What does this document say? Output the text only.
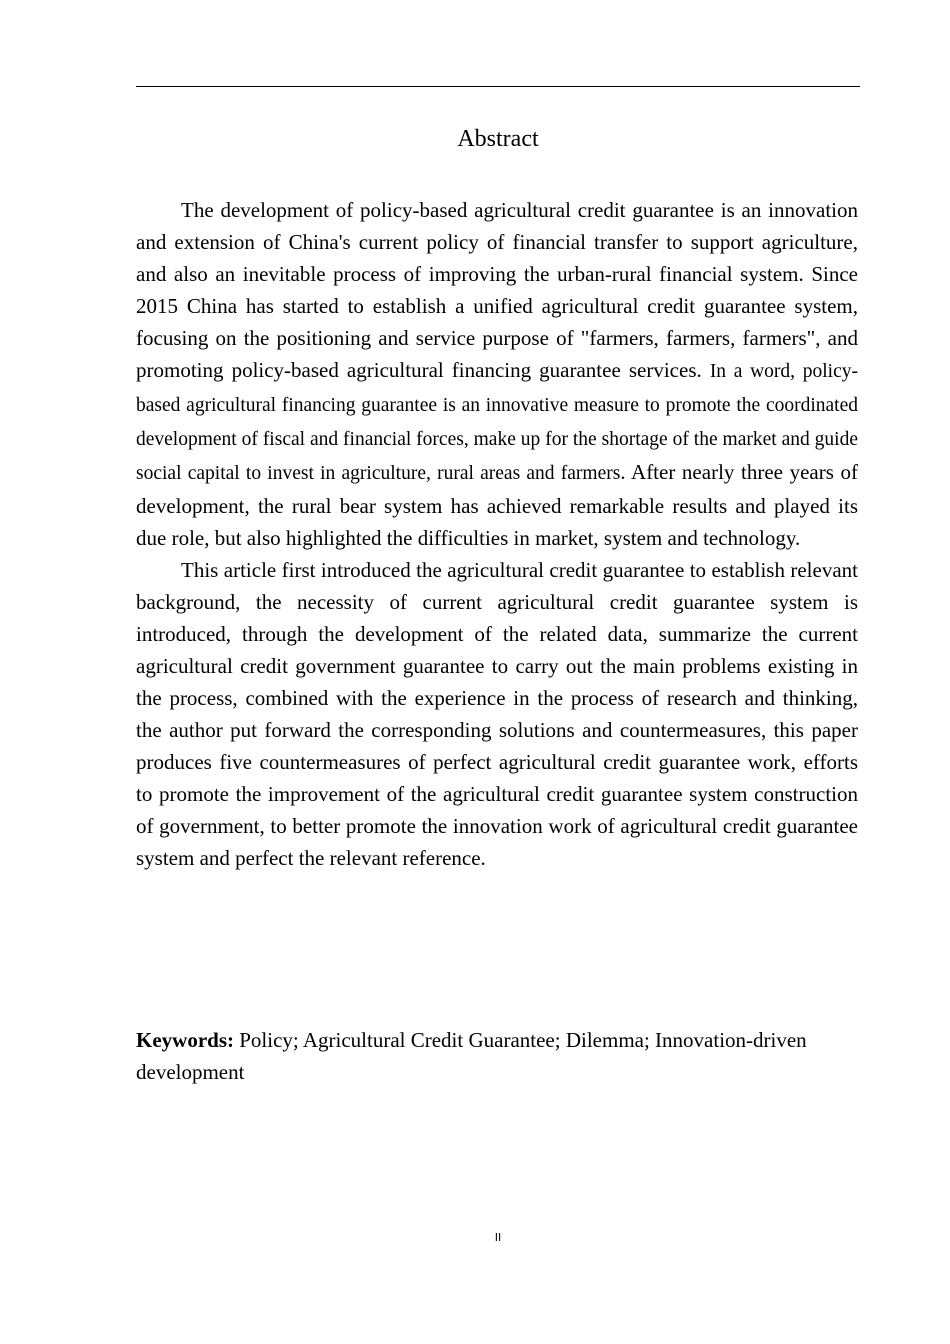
Abstract

The development of policy-based agricultural credit guarantee is an innovation and extension of China's current policy of financial transfer to support agriculture, and also an inevitable process of improving the urban-rural financial system. Since 2015 China has started to establish a unified agricultural credit guarantee system, focusing on the positioning and service purpose of "farmers, farmers, farmers", and promoting policy-based agricultural financing guarantee services. In a word, policy-based agricultural financing guarantee is an innovative measure to promote the coordinated development of fiscal and financial forces, make up for the shortage of the market and guide social capital to invest in agriculture, rural areas and farmers. After nearly three years of development, the rural bear system has achieved remarkable results and played its due role, but also highlighted the difficulties in market, system and technology.

This article first introduced the agricultural credit guarantee to establish relevant background, the necessity of current agricultural credit guarantee system is introduced, through the development of the related data, summarize the current agricultural credit government guarantee to carry out the main problems existing in the process, combined with the experience in the process of research and thinking, the author put forward the corresponding solutions and countermeasures, this paper produces five countermeasures of perfect agricultural credit guarantee work, efforts to promote the improvement of the agricultural credit guarantee system construction of government, to better promote the innovation work of agricultural credit guarantee system and perfect the relevant reference.

Keywords: Policy; Agricultural Credit Guarantee; Dilemma; Innovation-driven development

II
